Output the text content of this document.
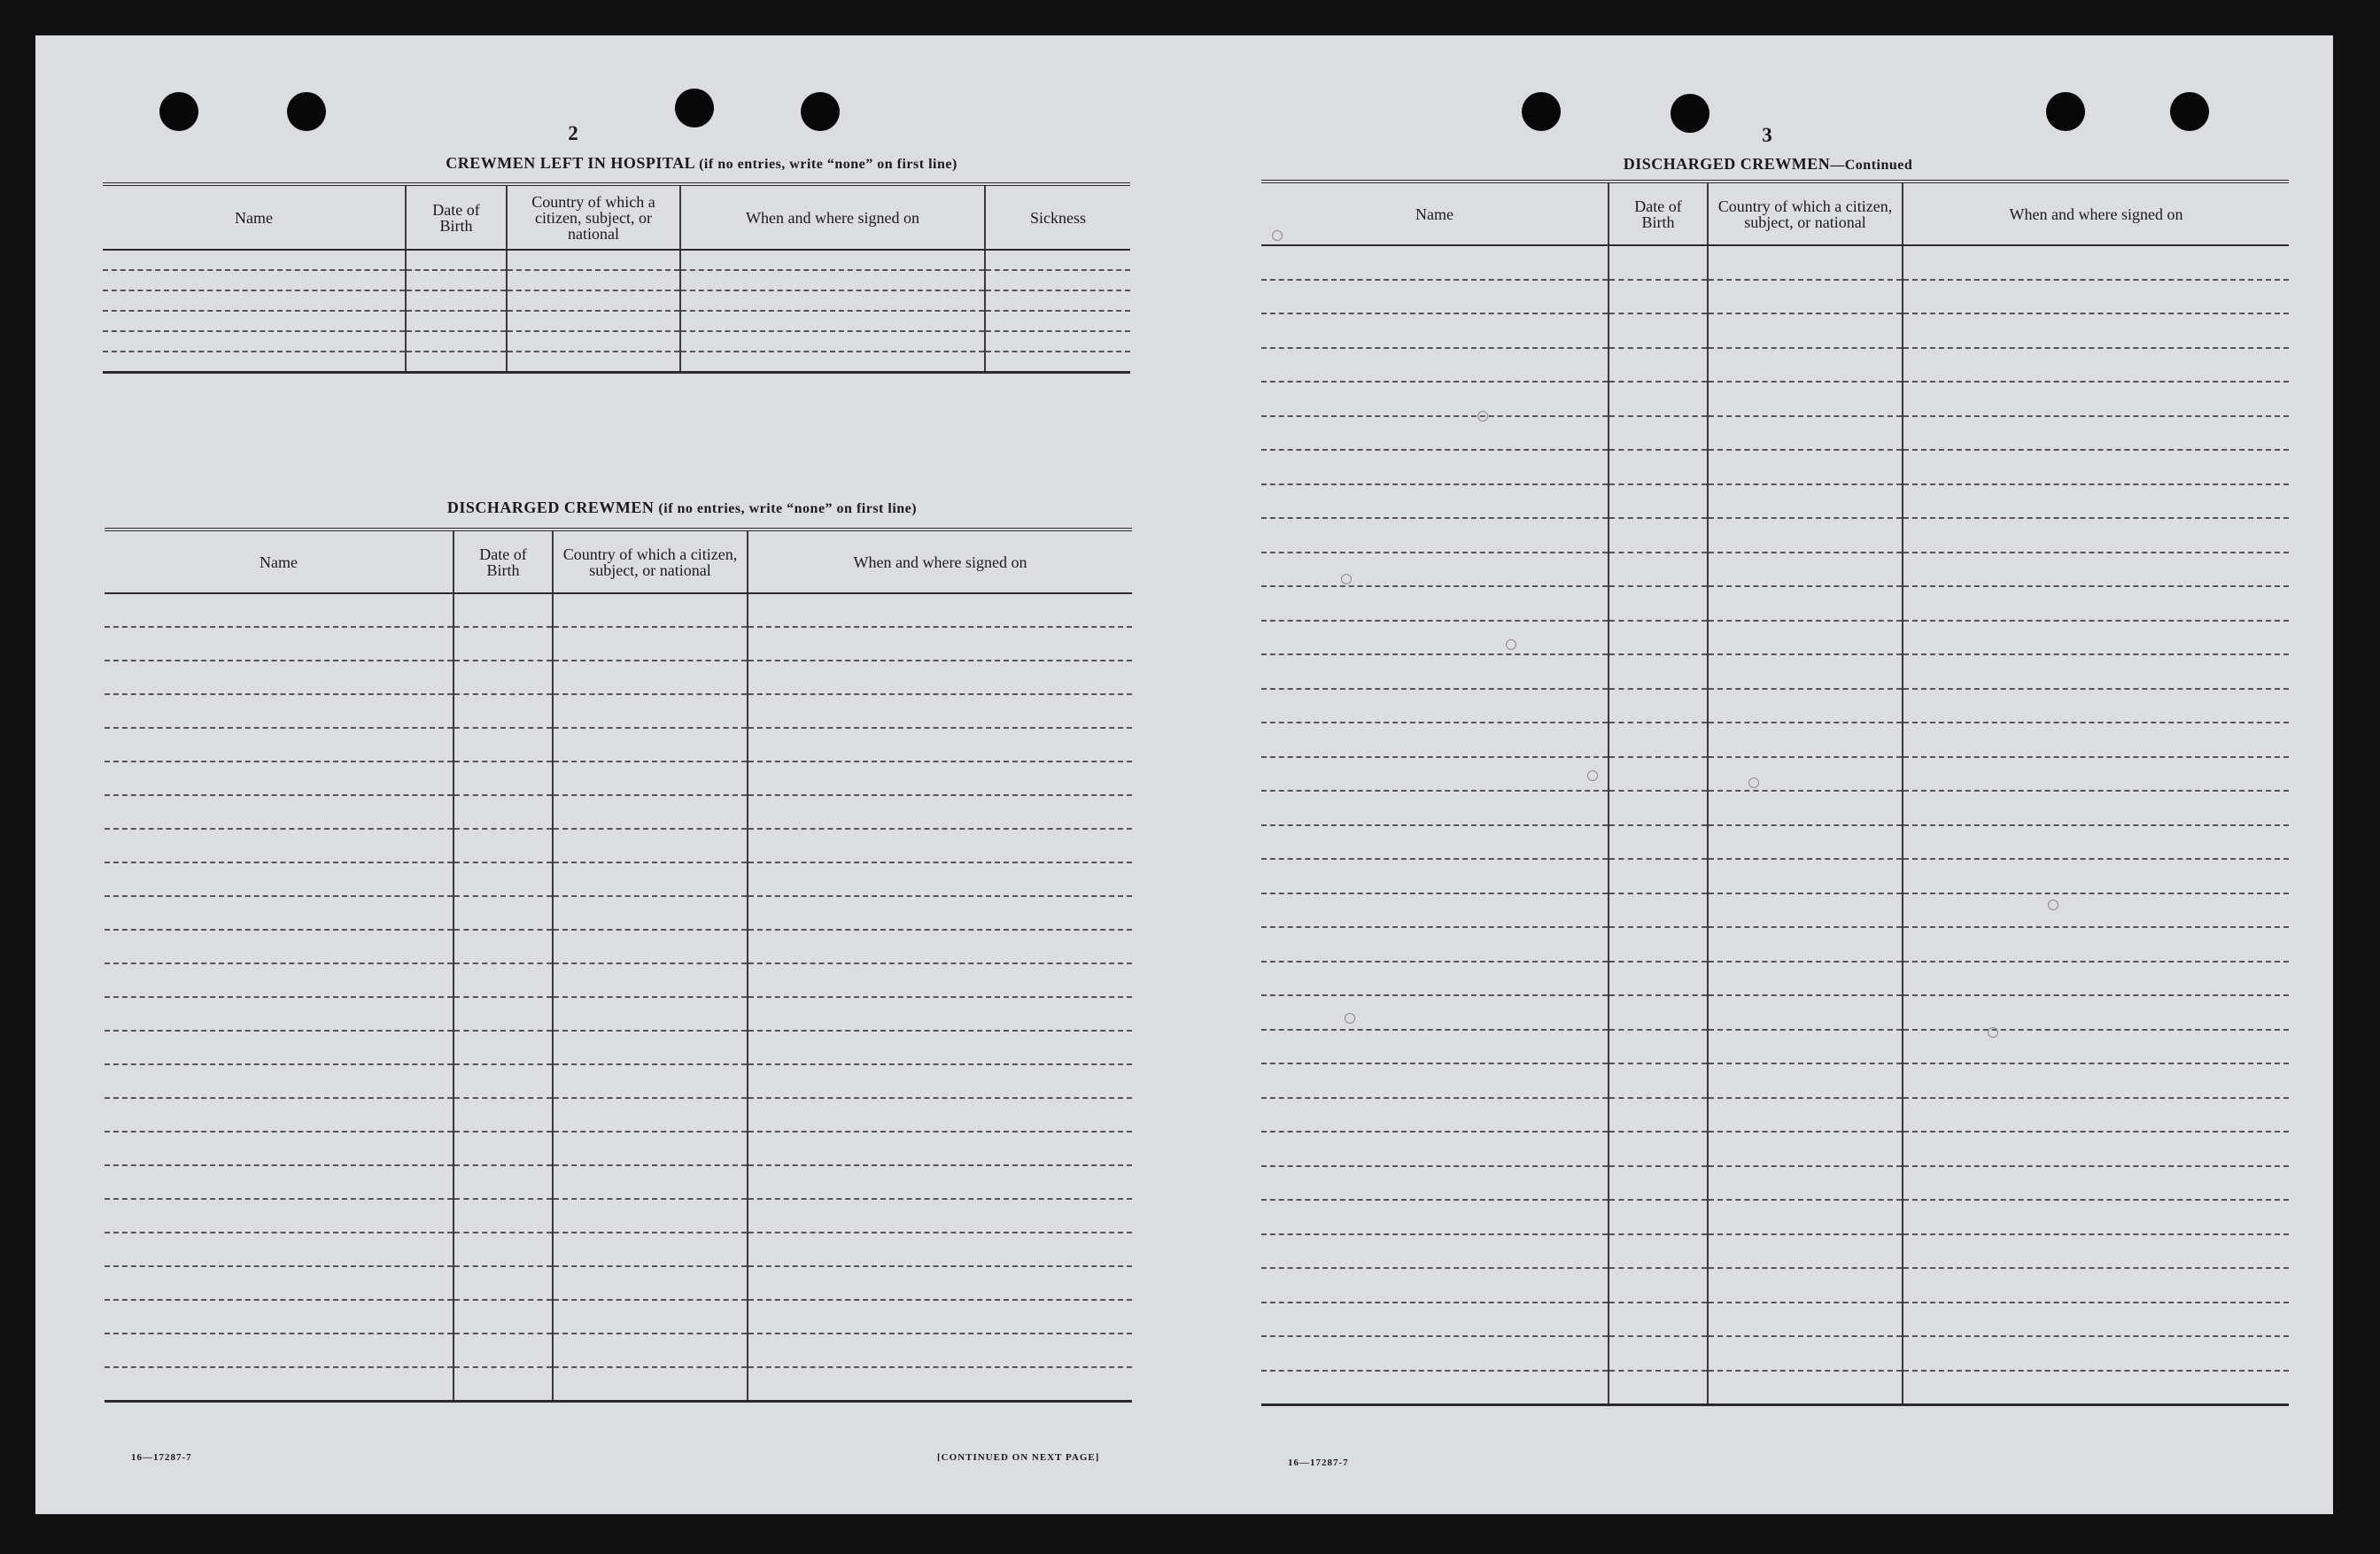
2
CREWMEN LEFT IN HOSPITAL (if no entries, write “none” on first line)
Name	Date of Birth	Country of which a citizen, subject, or national	When and where signed on	Sickness

DISCHARGED CREWMEN (if no entries, write “none” on first line)
Name	Date of Birth	Country of which a citizen, subject, or national	When and where signed on

16—17287-7	[CONTINUED ON NEXT PAGE]
3
DISCHARGED CREWMEN—Continued
Name	Date of Birth	Country of which a citizen, subject, or national	When and where signed on

16—17287-7
